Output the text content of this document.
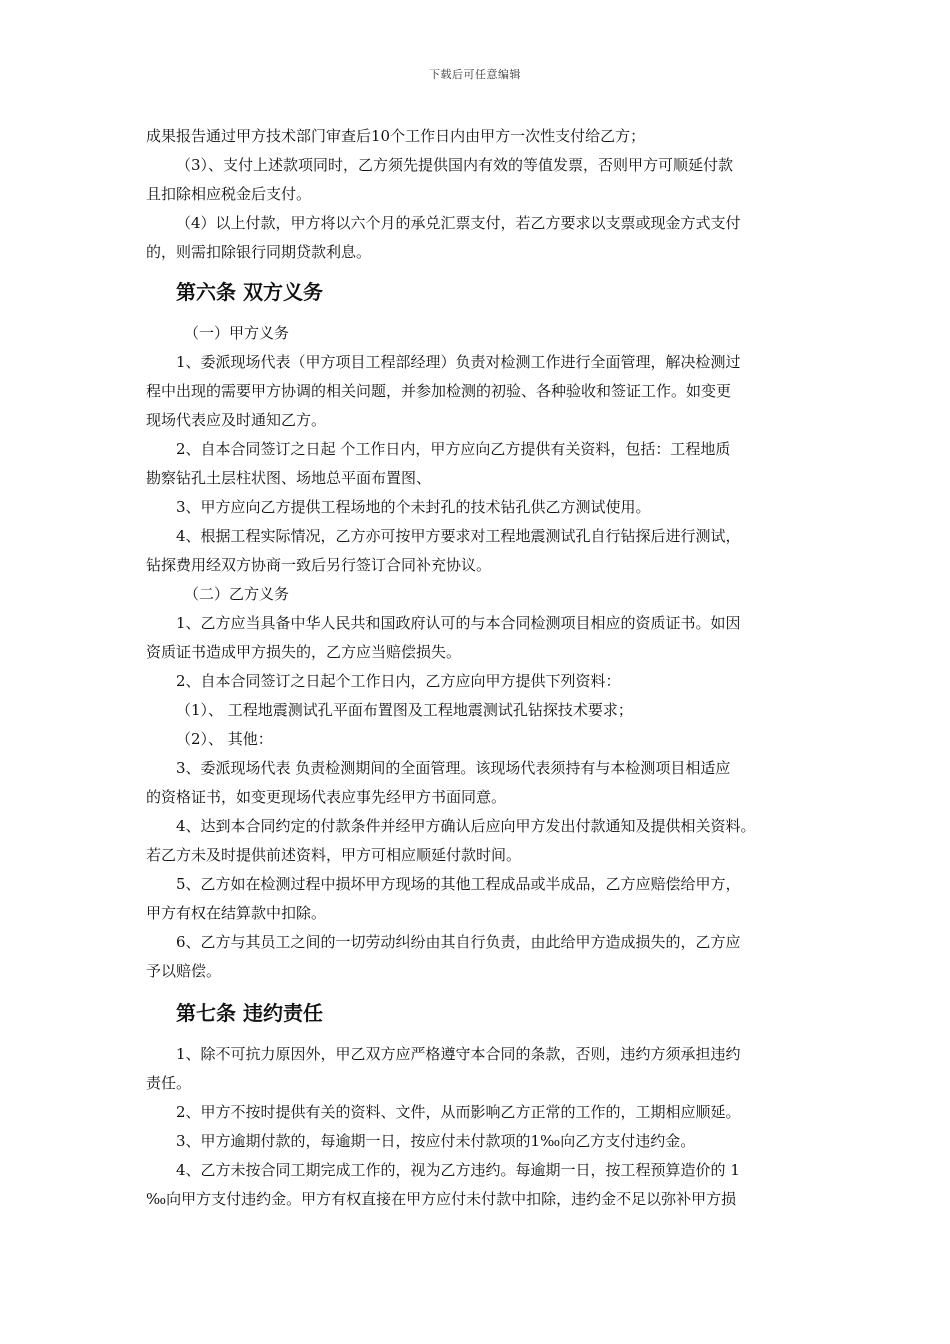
下载后可任意编辑
成果报告通过甲方技术部门审查后10个工作日内由甲方一次性支付给乙方；
（3）、支付上述款项同时，乙方须先提供国内有效的等值发票，否则甲方可顺延付款
且扣除相应税金后支付。
（4）以上付款，甲方将以六个月的承兑汇票支付，若乙方要求以支票或现金方式支付
的，则需扣除银行同期贷款利息。
第六条 双方义务
（一）甲方义务
1、委派现场代表（甲方项目工程部经理）负责对检测工作进行全面管理，解决检测过
程中出现的需要甲方协调的相关问题，并参加检测的初验、各种验收和签证工作。如变更
现场代表应及时通知乙方。
2、自本合同签订之日起 个工作日内，甲方应向乙方提供有关资料，包括：工程地质
勘察钻孔土层柱状图、场地总平面布置图、
3、甲方应向乙方提供工程场地的个未封孔的技术钻孔供乙方测试使用。
4、根据工程实际情况，乙方亦可按甲方要求对工程地震测试孔自行钻探后进行测试，
钻探费用经双方协商一致后另行签订合同补充协议。
（二）乙方义务
1、乙方应当具备中华人民共和国政府认可的与本合同检测项目相应的资质证书。如因
资质证书造成甲方损失的，乙方应当赔偿损失。
2、自本合同签订之日起个工作日内，乙方应向甲方提供下列资料：
（1）、 工程地震测试孔平面布置图及工程地震测试孔钻探技术要求；
（2）、 其他：
3、委派现场代表 负责检测期间的全面管理。该现场代表须持有与本检测项目相适应
的资格证书，如变更现场代表应事先经甲方书面同意。
4、达到本合同约定的付款条件并经甲方确认后应向甲方发出付款通知及提供相关资料。
若乙方未及时提供前述资料，甲方可相应顺延付款时间。
5、乙方如在检测过程中损坏甲方现场的其他工程成品或半成品，乙方应赔偿给甲方，
甲方有权在结算款中扣除。
6、乙方与其员工之间的一切劳动纠纷由其自行负责，由此给甲方造成损失的，乙方应
予以赔偿。
第七条 违约责任
1、除不可抗力原因外，甲乙双方应严格遵守本合同的条款，否则，违约方须承担违约
责任。
2、甲方不按时提供有关的资料、文件，从而影响乙方正常的工作的，工期相应顺延。
3、甲方逾期付款的，每逾期一日，按应付未付款项的1‰向乙方支付违约金。
4、乙方未按合同工期完成工作的，视为乙方违约。每逾期一日，按工程预算造价的 1
‰向甲方支付违约金。甲方有权直接在甲方应付未付款中扣除，违约金不足以弥补甲方损
